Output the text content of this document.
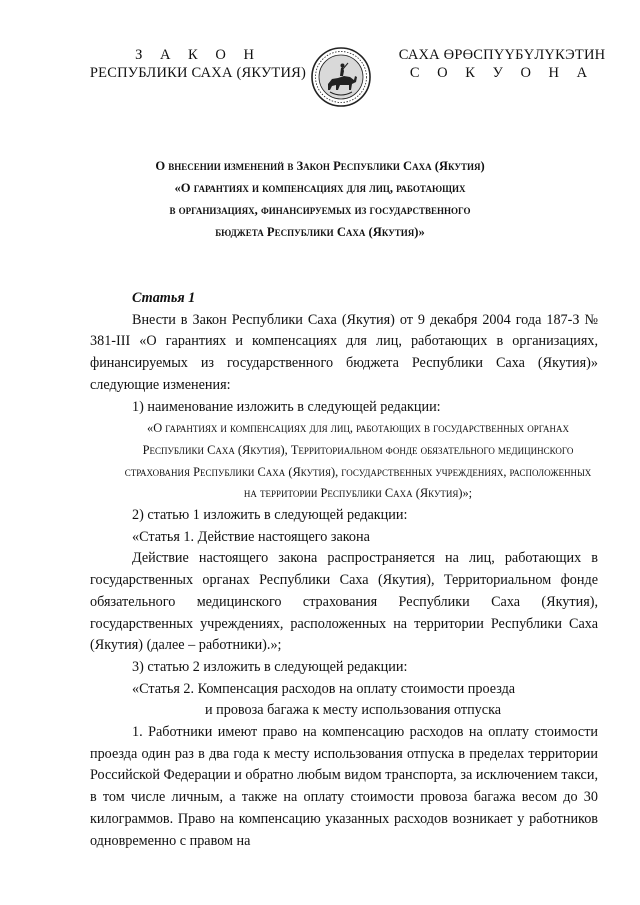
З А К О Н
РЕСПУБЛИКИ САХА (ЯКУТИЯ)
САХА ӨРӨСПҮҮБҮЛҮКЭТИН
С О К У О Н А
О внесении изменений в Закон Республики Саха (Якутия)
«О гарантиях и компенсациях для лиц, работающих
в организациях, финансируемых из государственного
бюджета Республики Саха (Якутия)»
Статья 1
Внести в Закон Республики Саха (Якутия) от 9 декабря 2004 года 187-З № 381-III «О гарантиях и компенсациях для лиц, работающих в организациях, финансируемых из государственного бюджета Республики Саха (Якутия)» следующие изменения:
1) наименование изложить в следующей редакции:
«О гарантиях и компенсациях для лиц, работающих в государственных органах Республики Саха (Якутия), Территориальном фонде обязательного медицинского страхования Республики Саха (Якутия), государственных учреждениях, расположенных на территории Республики Саха (Якутия)»;
2) статью 1 изложить в следующей редакции:
«Статья 1. Действие настоящего закона
Действие настоящего закона распространяется на лиц, работающих в государственных органах Республики Саха (Якутия), Территориальном фонде обязательного медицинского страхования Республики Саха (Якутия), государственных учреждениях, расположенных на территории Республики Саха (Якутия) (далее – работники).»;
3) статью 2 изложить в следующей редакции:
«Статья 2. Компенсация расходов на оплату стоимости проезда
и провоза багажа к месту использования отпуска
1. Работники имеют право на компенсацию расходов на оплату стоимости проезда один раз в два года к месту использования отпуска в пределах территории Российской Федерации и обратно любым видом транспорта, за исключением такси, в том числе личным, а также на оплату стоимости провоза багажа весом до 30 килограммов. Право на компенсацию указанных расходов возникает у работников одновременно с правом на
